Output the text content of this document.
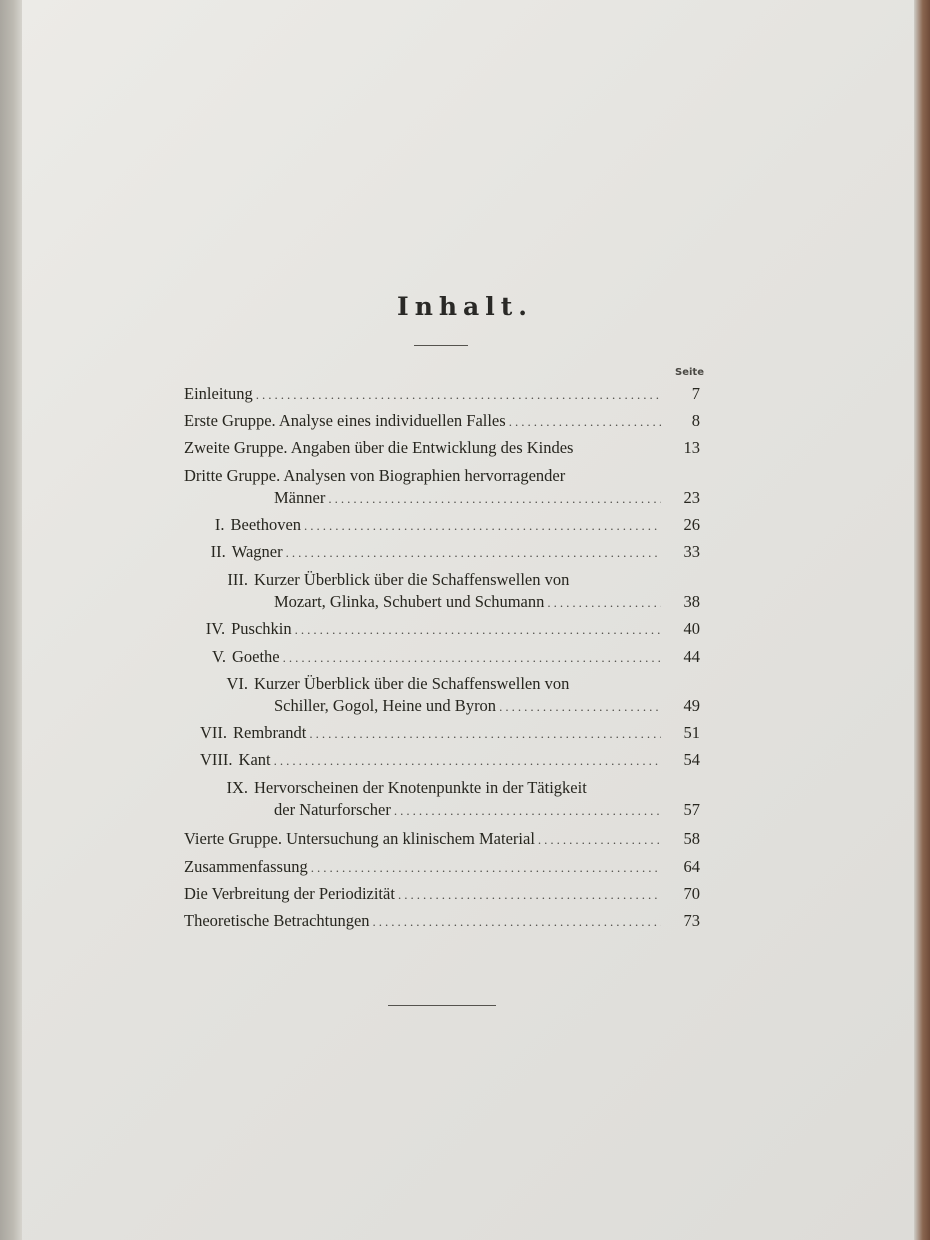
Inhalt.
Seite
Einleitung .....	7
Erste Gruppe. Analyse eines individuellen Falles .....	8
Zweite Gruppe. Angaben über die Entwicklung des Kindes	13
Dritte Gruppe. Analysen von Biographien hervorragender
Männer .....	23
I. Beethoven .....	26
II. Wagner .....	33
III. Kurzer Überblick über die Schaffenswellen von
Mozart, Glinka, Schubert und Schumann .....	38
IV. Puschkin .....	40
V. Goethe .....	44
VI. Kurzer Überblick über die Schaffenswellen von
Schiller, Gogol, Heine und Byron .....	49
VII. Rembrandt .....	51
VIII. Kant .....	54
IX. Hervorscheinen der Knotenpunkte in der Tätigkeit
der Naturforscher .....	57
Vierte Gruppe. Untersuchung an klinischem Material .....	58
Zusammenfassung .....	64
Die Verbreitung der Periodizität .....	70
Theoretische Betrachtungen .....	73
